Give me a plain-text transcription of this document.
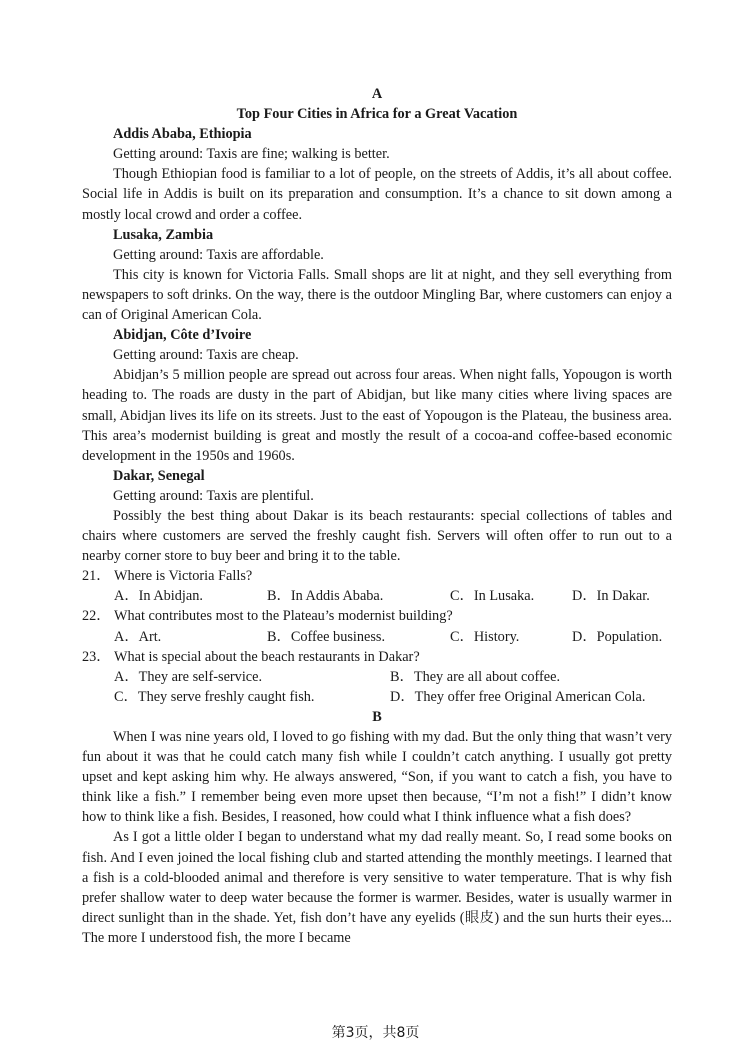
A
Top Four Cities in Africa for a Great Vacation
Addis Ababa, Ethiopia
Getting around: Taxis are fine; walking is better.

Though Ethiopian food is familiar to a lot of people, on the streets of Addis, it’s all about coffee. Social life in Addis is built on its preparation and consumption. It’s a chance to sit down among a mostly local crowd and order a coffee.

Lusaka, Zambia
Getting around: Taxis are affordable.

This city is known for Victoria Falls. Small shops are lit at night, and they sell everything from newspapers to soft drinks. On the way, there is the outdoor Mingling Bar, where customers can enjoy a can of Original American Cola.

Abidjan, Côte d’Ivoire
Getting around: Taxis are cheap.

Abidjan’s 5 million people are spread out across four areas. When night falls, Yopougon is worth heading to. The roads are dusty in the part of Abidjan, but like many cities where living spaces are small, Abidjan lives its life on its streets. Just to the east of Yopougon is the Plateau, the business area. This area’s modernist building is great and mostly the result of a cocoa-and coffee-based economic development in the 1950s and 1960s.

Dakar, Senegal
Getting around: Taxis are plentiful.

Possibly the best thing about Dakar is its beach restaurants: special collections of tables and chairs where customers are served the freshly caught fish. Servers will often offer to run out to a nearby corner store to buy beer and bring it to the table.

21． Where is Victoria Falls?
A．In Abidjan.	B．In Addis Ababa.	C．In Lusaka.	D．In Dakar.
22． What contributes most to the Plateau’s modernist building?
A．Art.	B．Coffee business.	C．History.	D．Population.
23． What is special about the beach restaurants in Dakar?
A．They are self-service.	B．They are all about coffee.
C．They serve freshly caught fish.	D．They offer free Original American Cola.
B

When I was nine years old, I loved to go fishing with my dad. But the only thing that wasn’t very fun about it was that he could catch many fish while I couldn’t catch anything. I usually got pretty upset and kept asking him why. He always answered, “Son, if you want to catch a fish, you have to think like a fish.” I remember being even more upset then because, “I’m not a fish!” I didn’t know how to think like a fish. Besides, I reasoned, how could what I think influence what a fish does?

As I got a little older I began to understand what my dad really meant. So, I read some books on fish. And I even joined the local fishing club and started attending the monthly meetings. I learned that a fish is a cold-blooded animal and therefore is very sensitive to water temperature. That is why fish prefer shallow water to deep water because the former is warmer. Besides, water is usually warmer in direct sunlight than in the shade. Yet, fish don’t have any eyelids (眼皮) and the sun hurts their eyes... The more I understood fish, the more I became

第3页，共8页
